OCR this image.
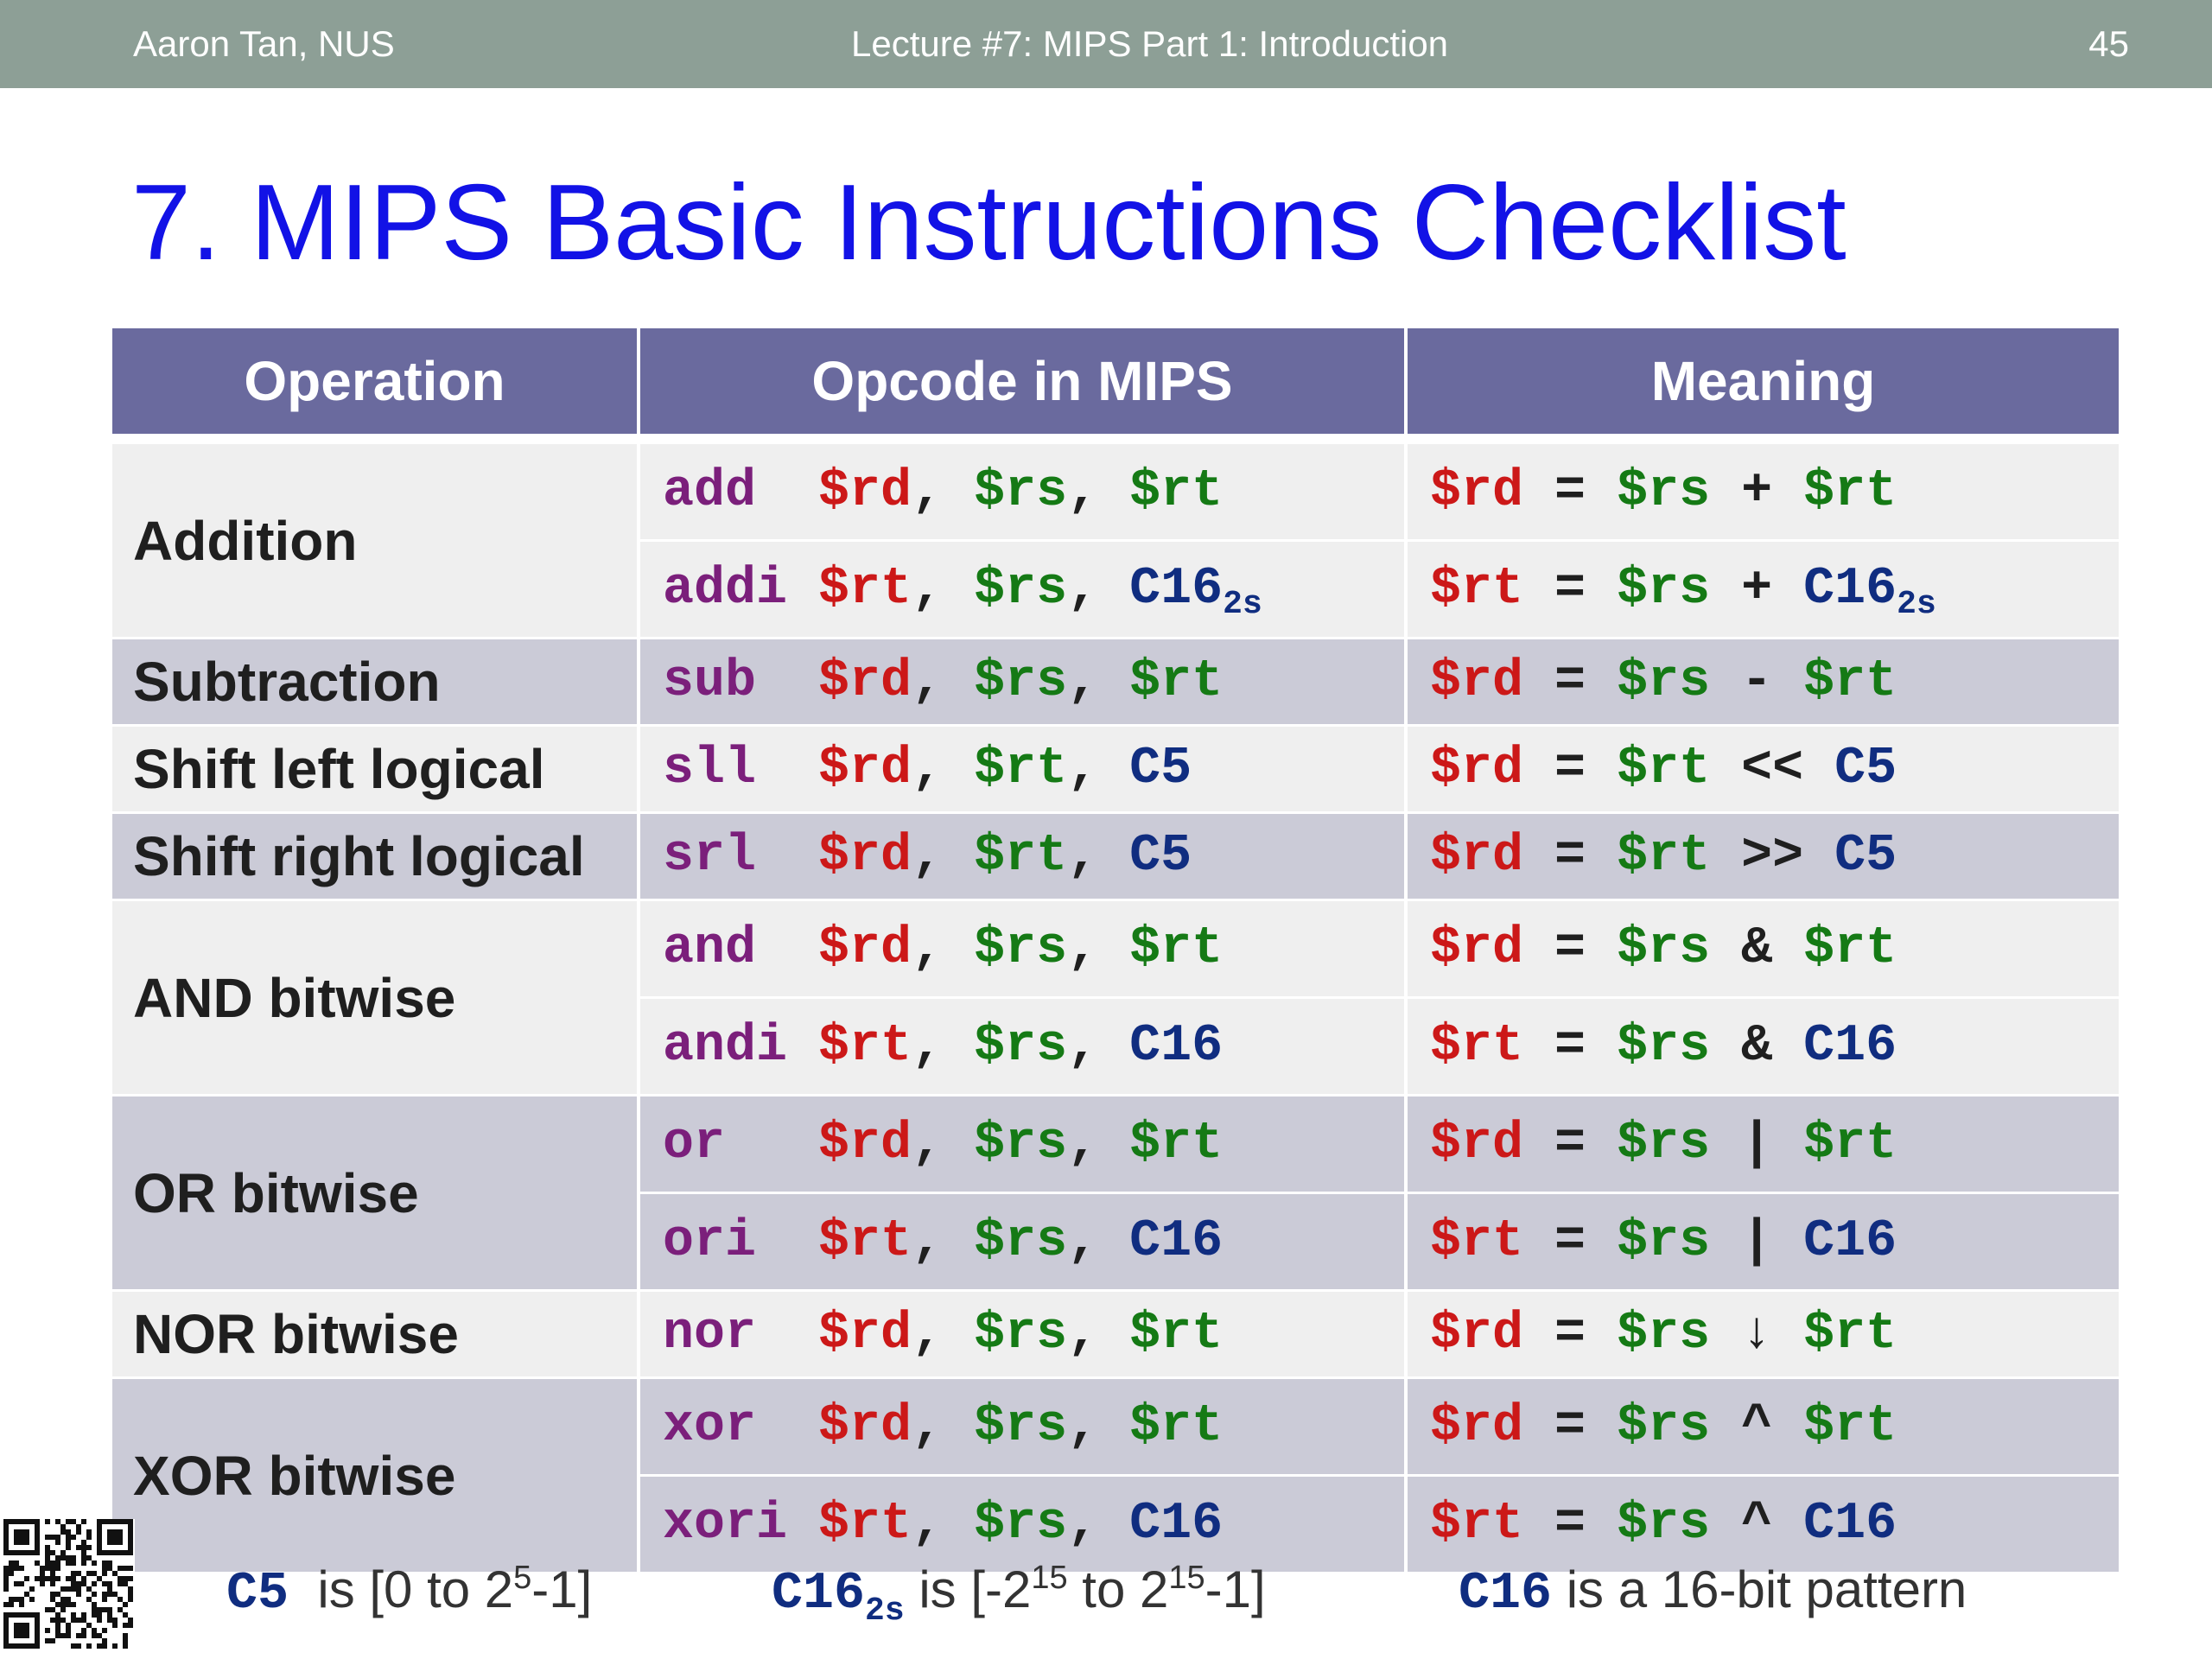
Aaron Tan, NUS	Lecture #7: MIPS Part 1: Introduction	45
7. MIPS Basic Instructions Checklist
Operation	Opcode in MIPS	Meaning
Addition	add $rd, $rs, $rt	$rd = $rs + $rt
	addi $rt, $rs, $C16_{2s}$	$rt = $rs + $C16_{2s}$
Subtraction	sub $rd, $rs, $rt	$rd = $rs - $rt
Shift left logical	sll $rd, $rt, C5	$rd = $rt << C5
Shift right logical	srl $rd, $rt, C5	$rd = $rt >> C5
AND bitwise	and $rd, $rs, $rt	$rd = $rs & $rt
	andi $rt, $rs, C16	$rt = $rs & C16
OR bitwise	or $rd, $rs, $rt	$rd = $rs | $rt
	ori $rt, $rs, C16	$rt = $rs | C16
NOR bitwise	nor $rd, $rs, $rt	$rd = $rs ↓ $rt
XOR bitwise	xor $rd, $rs, $rt	$rd = $rs ^ $rt
	xori $rt, $rs, C16	$rt = $rs ^ C16
C5 is [0 to $2^5-1$]	$C16_{2s}$ is [$-2^{15}$ to $2^{15}-1$]	C16 is a 16-bit pattern
